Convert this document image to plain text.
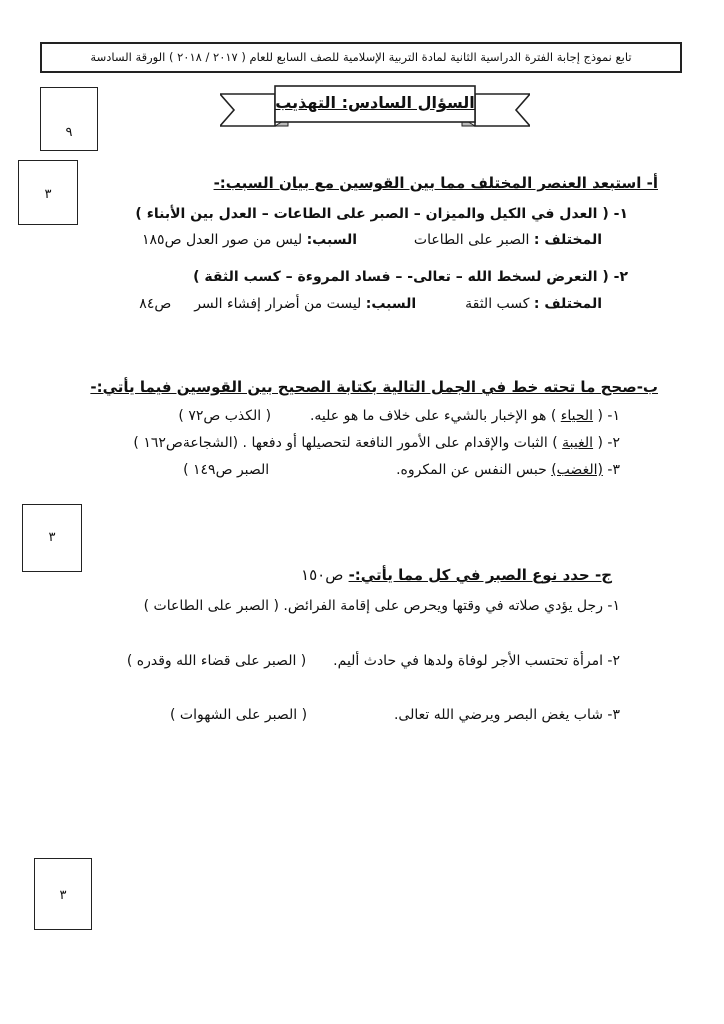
تابع نموذج إجابة الفترة الدراسية الثانية لمادة التربية الإسلامية للصف السابع للعام ( ٢٠١٧ / ٢٠١٨ ) الورقة السادسة
٩
٣
٣
٣
السؤال السادس: التهذيب
أ- استبعد العنصر المختلف مما بين القوسين مع بيان السبب:-
١- ( العدل في الكيل والميزان – الصبر على الطاعات – العدل بين الأبناء )
المختلف : الصبر على الطاعات  السبب: ليس من صور العدل ص١٨٥
٢- ( التعرض لسخط الله – تعالى- – فساد المروءة – كسب الثقة )
المختلف : كسب الثقة  السبب: ليست من أضرار إفشاء السر  ص٨٤
ب-صحح ما تحته خط في الجمل التالية بكتابة الصحيح بين القوسين فيما يأتي:-
١- ( الحياء ) هو الإخبار بالشيء على خلاف ما هو عليه.  ( الكذب ص٧٢ )
٢- ( الغيبة ) الثبات والإقدام على الأمور النافعة لتحصيلها أو دفعها . (الشجاعةص١٦٢ )
٣- (الغضب) حبس النفس عن المكروه.  الصبر ص١٤٩ )
ج- حدد نوع الصبر في كل مما يأتي:- ص١٥٠
١- رجل يؤدي صلاته في وقتها ويحرص على إقامة الفرائض. ( الصبر على الطاعات )
٢- امرأة تحتسب الأجر لوفاة ولدها في حادث أليم.  ( الصبر على قضاء الله وقدره )
٣- شاب يغض البصر ويرضي الله تعالى.  ( الصبر على الشهوات )
